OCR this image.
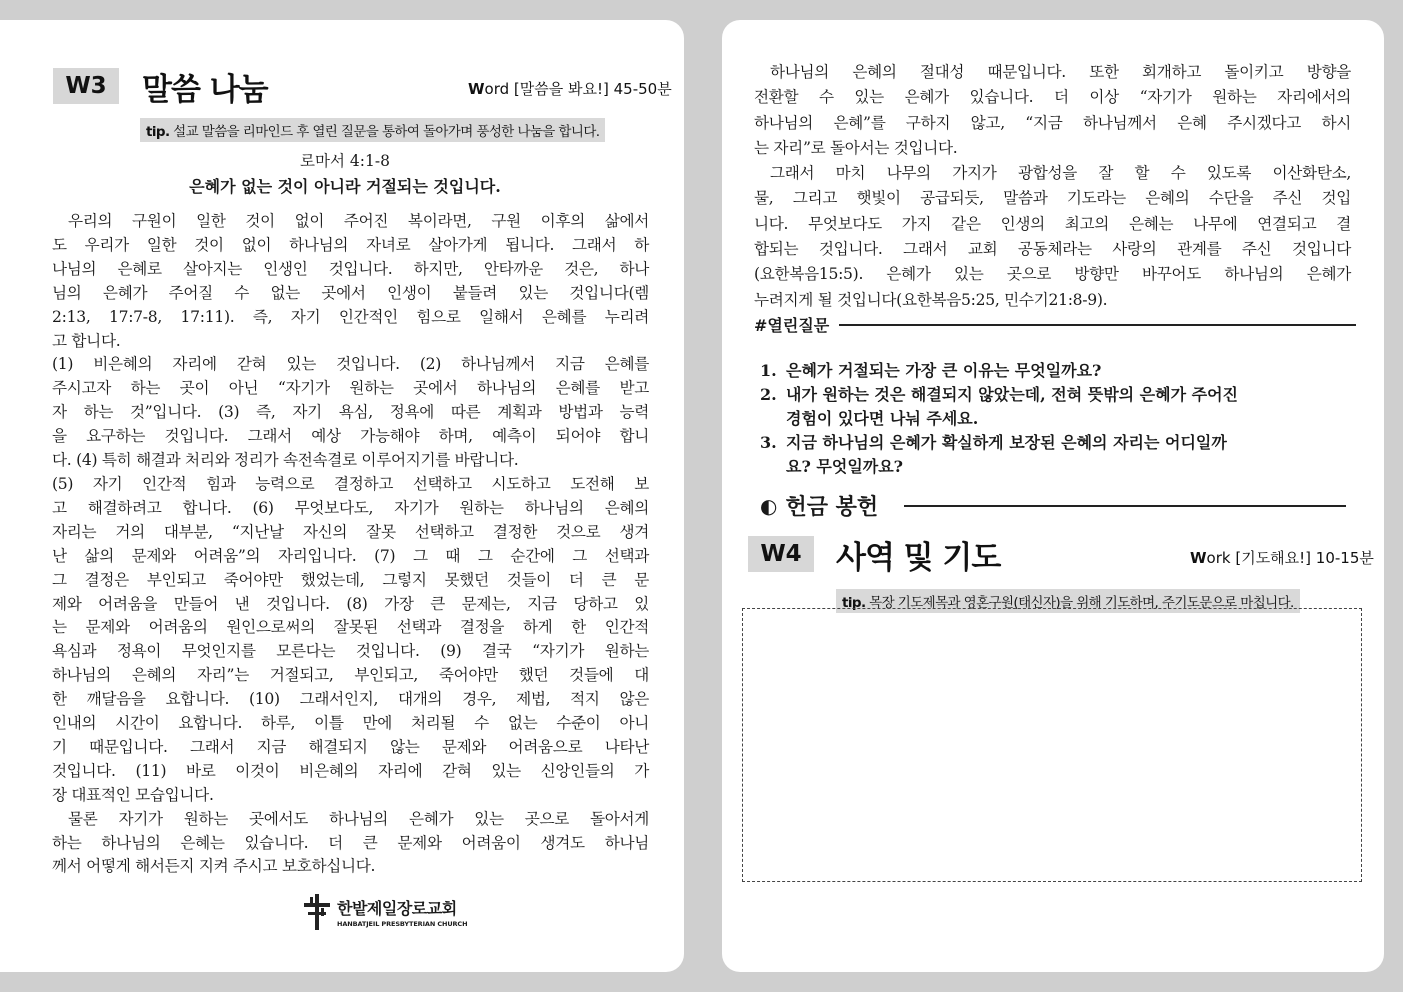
W3	말씀 나눔	Word [말씀을 봐요!] 45-50분
tip. 설교 말씀을 리마인드 후 열린 질문을 통하여 돌아가며 풍성한 나눔을 합니다.
로마서 4:1-8
은혜가 없는 것이 아니라 거절되는 것입니다.
우리의 구원이 일한 것이 없이 주어진 복이라면, 구원 이후의 삶에서
도 우리가 일한 것이 없이 하나님의 자녀로 살아가게 됩니다. 그래서 하
나님의 은혜로 살아지는 인생인 것입니다. 하지만, 안타까운 것은, 하나
님의 은혜가 주어질 수 없는 곳에서 인생이 붙들려 있는 것입니다(렘
2:13, 17:7-8, 17:11). 즉, 자기 인간적인 힘으로 일해서 은혜를 누리려
고 합니다.
(1) 비은혜의 자리에 갇혀 있는 것입니다. (2) 하나님께서 지금 은혜를
주시고자 하는 곳이 아닌 “자기가 원하는 곳에서 하나님의 은혜를 받고
자 하는 것”입니다. (3) 즉, 자기 욕심, 정욕에 따른 계획과 방법과 능력
을 요구하는 것입니다. 그래서 예상 가능해야 하며, 예측이 되어야 합니
다. (4) 특히 해결과 처리와 정리가 속전속결로 이루어지기를 바랍니다.
(5) 자기 인간적 힘과 능력으로 결정하고 선택하고 시도하고 도전해 보
고 해결하려고 합니다. (6) 무엇보다도, 자기가 원하는 하나님의 은혜의
자리는 거의 대부분, “지난날 자신의 잘못 선택하고 결정한 것으로 생겨
난 삶의 문제와 어려움”의 자리입니다. (7) 그 때 그 순간에 그 선택과
그 결정은 부인되고 죽어야만 했었는데, 그렇지 못했던 것들이 더 큰 문
제와 어려움을 만들어 낸 것입니다. (8) 가장 큰 문제는, 지금 당하고 있
는 문제와 어려움의 원인으로써의 잘못된 선택과 결정을 하게 한 인간적
욕심과 정욕이 무엇인지를 모른다는 것입니다. (9) 결국 “자기가 원하는
하나님의 은혜의 자리”는 거절되고, 부인되고, 죽어야만 했던 것들에 대
한 깨달음을 요합니다. (10) 그래서인지, 대개의 경우, 제법, 적지 않은
인내의 시간이 요합니다. 하루, 이틀 만에 처리될 수 없는 수준이 아니
기 때문입니다. 그래서 지금 해결되지 않는 문제와 어려움으로 나타난
것입니다. (11) 바로 이것이 비은혜의 자리에 갇혀 있는 신앙인들의 가
장 대표적인 모습입니다.
물론 자기가 원하는 곳에서도 하나님의 은혜가 있는 곳으로 돌아서게
하는 하나님의 은혜는 있습니다. 더 큰 문제와 어려움이 생겨도 하나님
께서 어떻게 해서든지 지켜 주시고 보호하십니다.
한밭제일장로교회
HANBATJEIL PRESBYTERIAN CHURCH
하나님의 은혜의 절대성 때문입니다. 또한 회개하고 돌이키고 방향을
전환할 수 있는 은혜가 있습니다. 더 이상 “자기가 원하는 자리에서의
하나님의 은혜”를 구하지 않고, “지금 하나님께서 은혜 주시겠다고 하시
는 자리”로 돌아서는 것입니다.
그래서 마치 나무의 가지가 광합성을 잘 할 수 있도록 이산화탄소,
물, 그리고 햇빛이 공급되듯, 말씀과 기도라는 은혜의 수단을 주신 것입
니다. 무엇보다도 가지 같은 인생의 최고의 은혜는 나무에 연결되고 결
합되는 것입니다. 그래서 교회 공동체라는 사랑의 관계를 주신 것입니다
(요한복음15:5). 은혜가 있는 곳으로 방향만 바꾸어도 하나님의 은혜가
누려지게 될 것입니다(요한복음5:25, 민수기21:8-9).
#열린질문
1. 은혜가 거절되는 가장 큰 이유는 무엇일까요?
2. 내가 원하는 것은 해결되지 않았는데, 전혀 뜻밖의 은혜가 주어진
경험이 있다면 나눠 주세요.
3. 지금 하나님의 은혜가 확실하게 보장된 은혜의 자리는 어디일까
요? 무엇일까요?
◐ 헌금 봉헌
W4	사역 및 기도	Work [기도해요!] 10-15분
tip. 목장 기도제목과 영혼구원(태신자)을 위해 기도하며, 주기도문으로 마칩니다.
